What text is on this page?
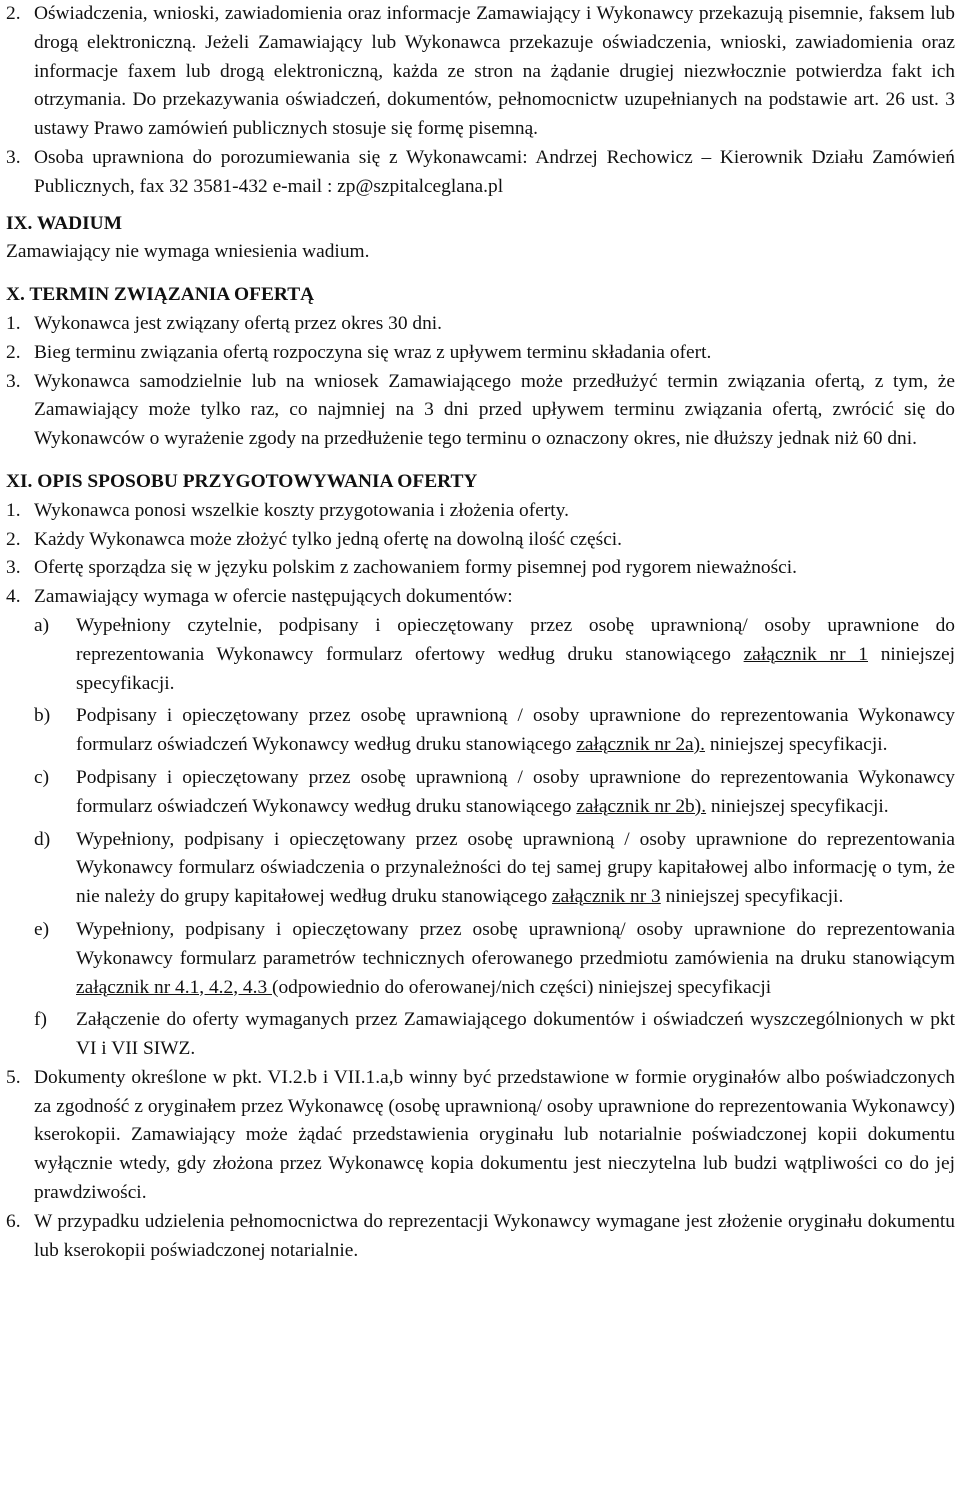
2. Oświadczenia, wnioski, zawiadomienia oraz informacje Zamawiający i Wykonawcy przekazują pisemnie, faksem lub drogą elektroniczną. Jeżeli Zamawiający lub Wykonawca przekazuje oświadczenia, wnioski, zawiadomienia oraz informacje faxem lub drogą elektroniczną, każda ze stron na żądanie drugiej niezwłocznie potwierdza fakt ich otrzymania. Do przekazywania oświadczeń, dokumentów, pełnomocnictw uzupełnianych na podstawie art. 26 ust. 3 ustawy Prawo zamówień publicznych stosuje się formę pisemną.
3. Osoba uprawniona do porozumiewania się z Wykonawcami: Andrzej Rechowicz – Kierownik Działu Zamówień Publicznych, fax 32 3581-432 e-mail : zp@szpitalceglana.pl

IX. WADIUM

Zamawiający nie wymaga wniesienia wadium.

X. TERMIN ZWIĄZANIA OFERTĄ

1. Wykonawca jest związany ofertą przez okres 30 dni.
2. Bieg terminu związania ofertą rozpoczyna się wraz z upływem terminu składania ofert.
3. Wykonawca samodzielnie lub na wniosek Zamawiającego może przedłużyć termin związania ofertą, z tym, że Zamawiający może tylko raz, co najmniej na 3 dni przed upływem terminu związania ofertą, zwrócić się do Wykonawców o wyrażenie zgody na przedłużenie tego terminu o oznaczony okres, nie dłuższy jednak niż 60 dni.

XI. OPIS SPOSOBU PRZYGOTOWYWANIA OFERTY

1. Wykonawca ponosi wszelkie koszty przygotowania i złożenia oferty.
2. Każdy Wykonawca może złożyć tylko jedną ofertę na dowolną ilość części.
3. Ofertę sporządza się w języku polskim z zachowaniem formy pisemnej pod rygorem nieważności.
4. Zamawiający wymaga w ofercie następujących dokumentów:
a)	Wypełniony czytelnie, podpisany i opieczętowany przez osobę uprawnioną/ osoby uprawnione do reprezentowania Wykonawcy formularz ofertowy według druku stanowiącego załącznik nr 1 niniejszej specyfikacji.
b)	Podpisany i opieczętowany przez osobę uprawnioną / osoby uprawnione do reprezentowania Wykonawcy formularz oświadczeń Wykonawcy według druku stanowiącego załącznik nr 2a). niniejszej specyfikacji.
c)	Podpisany i opieczętowany przez osobę uprawnioną / osoby uprawnione do reprezentowania Wykonawcy formularz oświadczeń Wykonawcy według druku stanowiącego załącznik nr 2b). niniejszej specyfikacji.
d)	Wypełniony, podpisany i opieczętowany przez osobę uprawnioną / osoby uprawnione do reprezentowania Wykonawcy formularz oświadczenia o przynależności do tej samej grupy kapitałowej albo informację o tym, że nie należy do grupy kapitałowej według druku stanowiącego załącznik nr 3 niniejszej specyfikacji.
e)	Wypełniony, podpisany i opieczętowany przez osobę uprawnioną/ osoby uprawnione do reprezentowania Wykonawcy formularz parametrów technicznych oferowanego przedmiotu zamówienia na druku stanowiącym załącznik nr 4.1, 4.2, 4.3 (odpowiednio do oferowanej/nich części) niniejszej specyfikacji
f)	Załączenie do oferty wymaganych przez Zamawiającego dokumentów i oświadczeń wyszczególnionych w pkt VI i VII SIWZ.
5. Dokumenty określone w pkt. VI.2.b i VII.1.a,b winny być przedstawione w formie oryginałów albo poświadczonych za zgodność z oryginałem przez Wykonawcę (osobę uprawnioną/ osoby uprawnione do reprezentowania Wykonawcy) kserokopii. Zamawiający może żądać przedstawienia oryginału lub notarialnie poświadczonej kopii dokumentu wyłącznie wtedy, gdy złożona przez Wykonawcę kopia dokumentu jest nieczytelna lub budzi wątpliwości co do jej prawdziwości.
6. W przypadku udzielenia pełnomocnictwa do reprezentacji Wykonawcy wymagane jest złożenie oryginału dokumentu lub kserokopii poświadczonej notarialnie.
